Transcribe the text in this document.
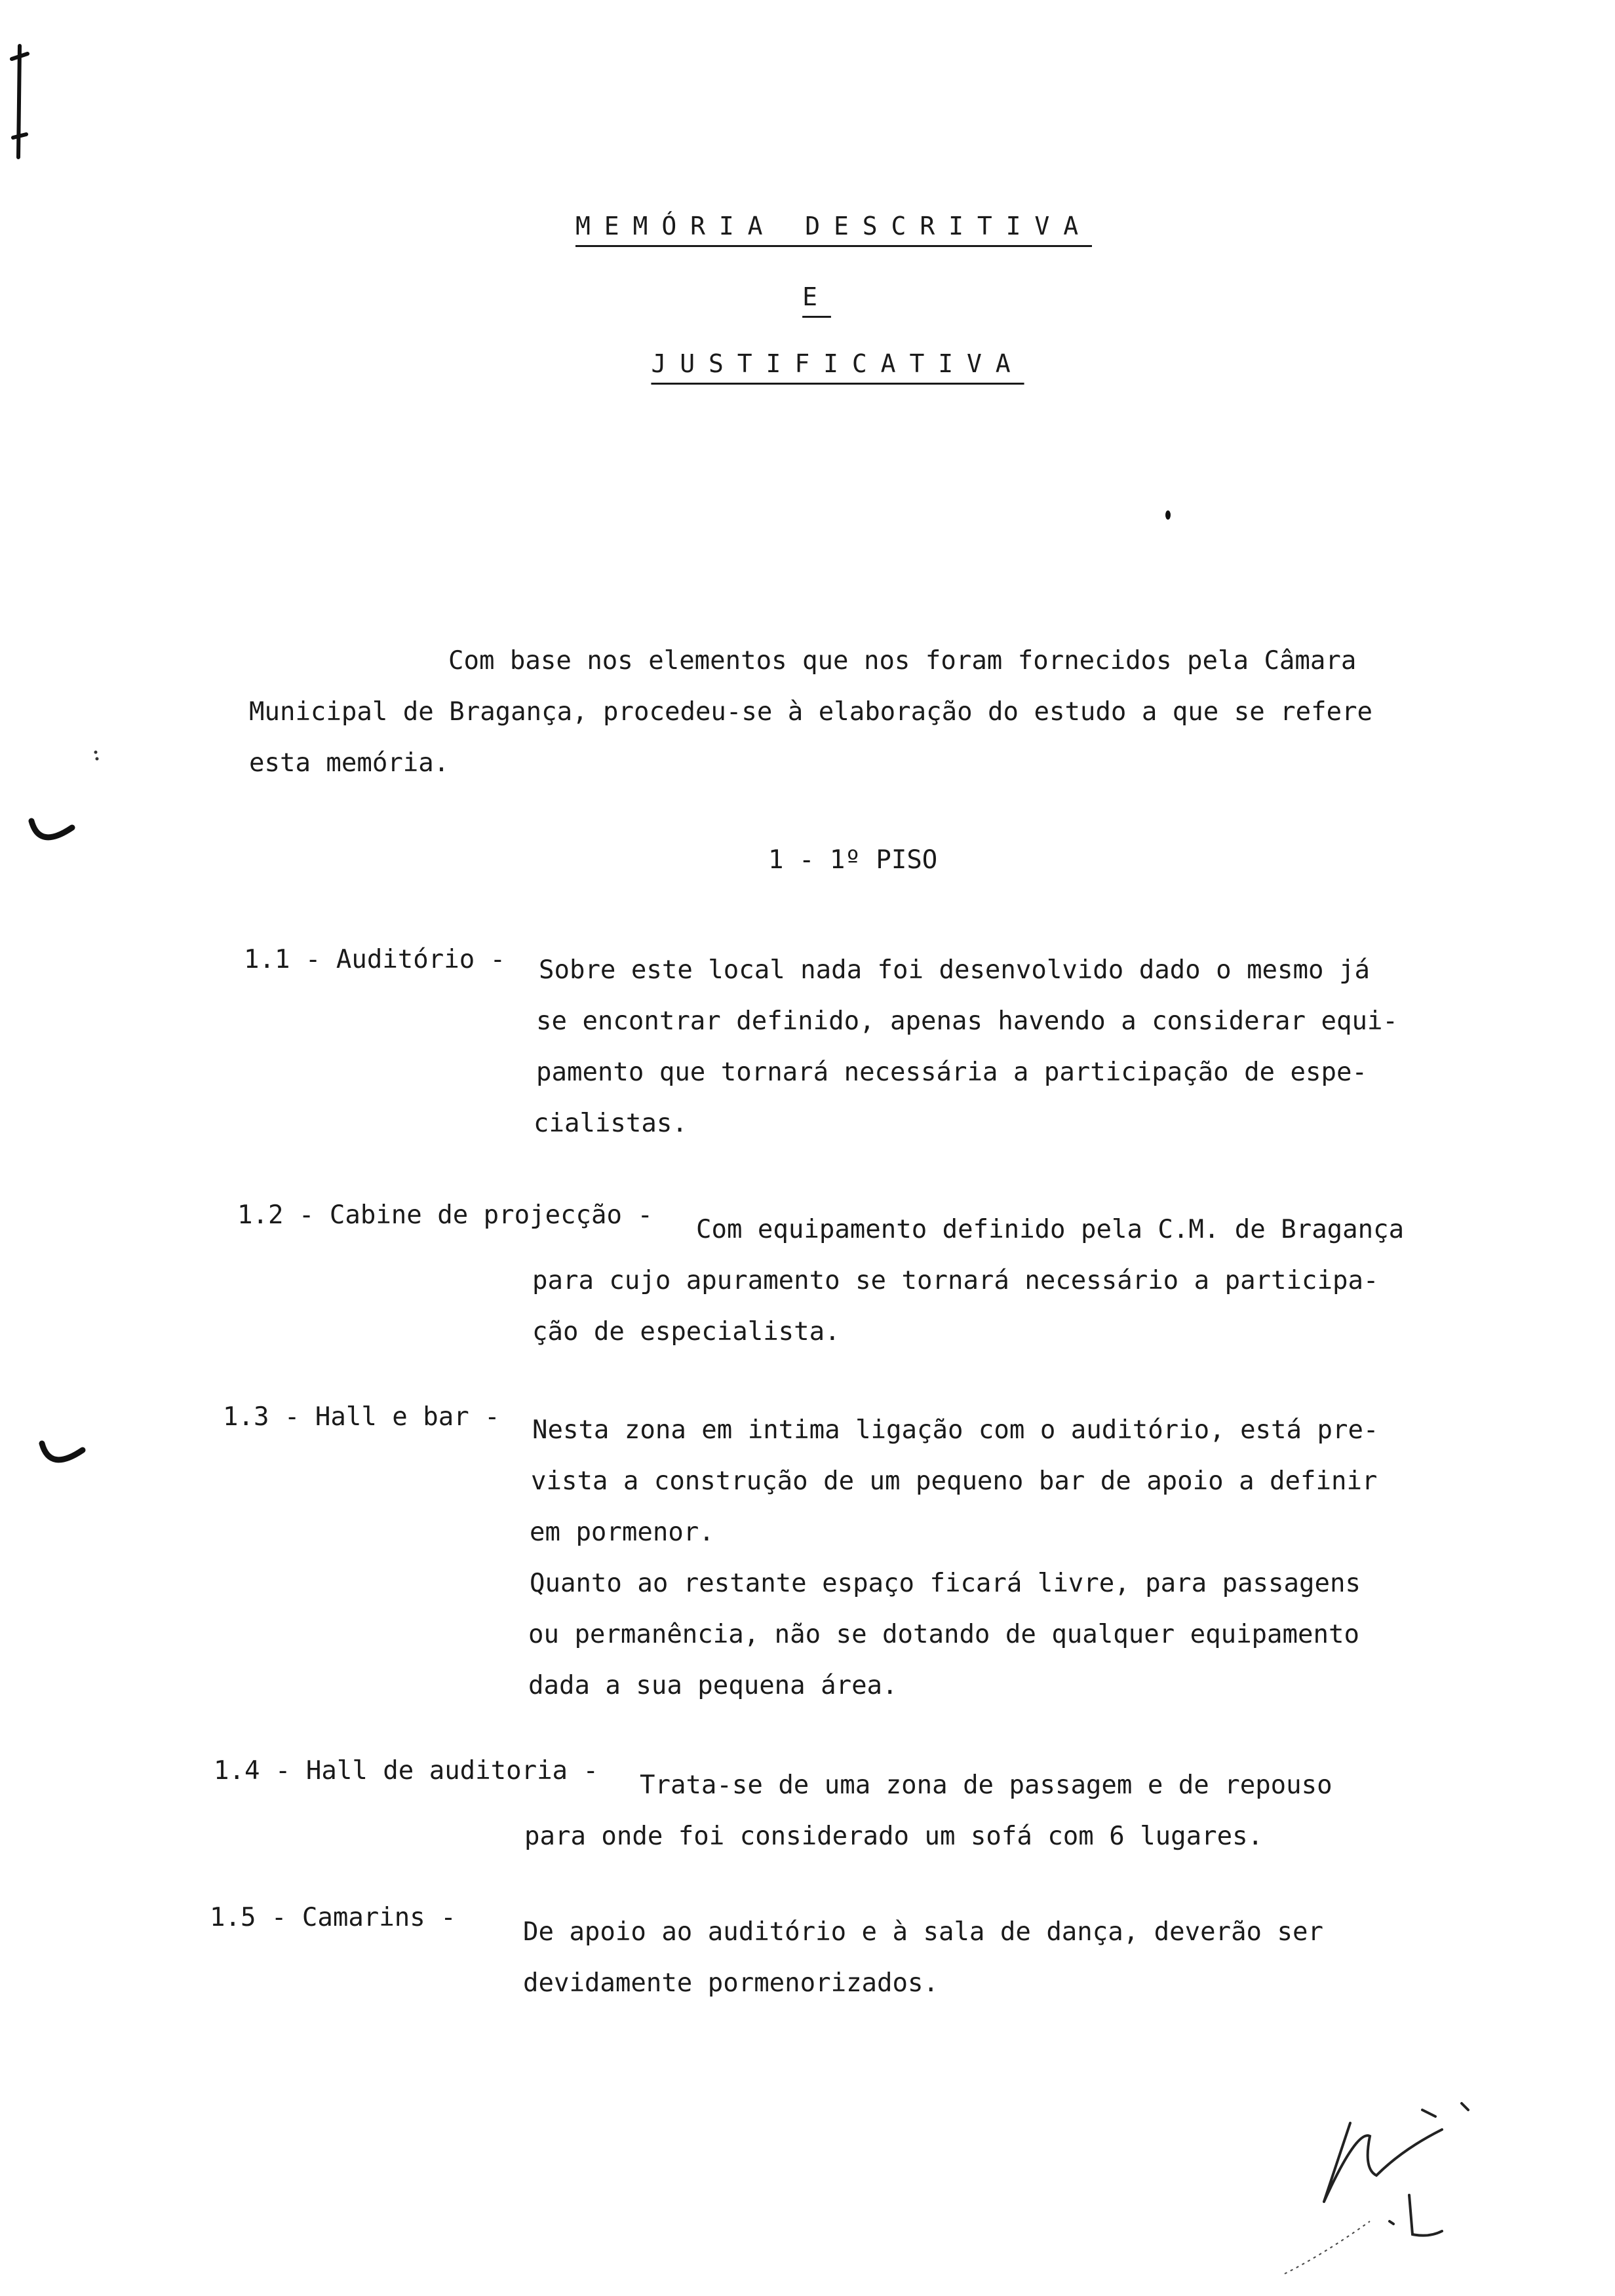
MEMÓRIA DESCRITIVA
E
JUSTIFICATIVA
Com base nos elementos que nos foram fornecidos pela Câmara
Municipal de Bragança, procedeu-se à elaboração do estudo a que se refere
esta memória.
1 - 1º PISO
1.1 - Auditório - Sobre este local nada foi desenvolvido dado o mesmo já
se encontrar definido, apenas havendo a considerar equi-
pamento que tornará necessária a participação de espe-
cialistas.
1.2 - Cabine de projecção - Com equipamento definido pela C.M. de Bragança
para cujo apuramento se tornará necessário a participa-
ção de especialista.
1.3 - Hall e bar - Nesta zona em intima ligação com o auditório, está pre-
vista a construção de um pequeno bar de apoio a definir
em pormenor.
Quanto ao restante espaço ficará livre, para passagens
ou permanência, não se dotando de qualquer equipamento
dada a sua pequena área.
1.4 - Hall de auditoria - Trata-se de uma zona de passagem e de repouso
para onde foi considerado um sofá com 6 lugares.
1.5 - Camarins -	De apoio ao auditório e à sala de dança, deverão ser
devidamente pormenorizados.
